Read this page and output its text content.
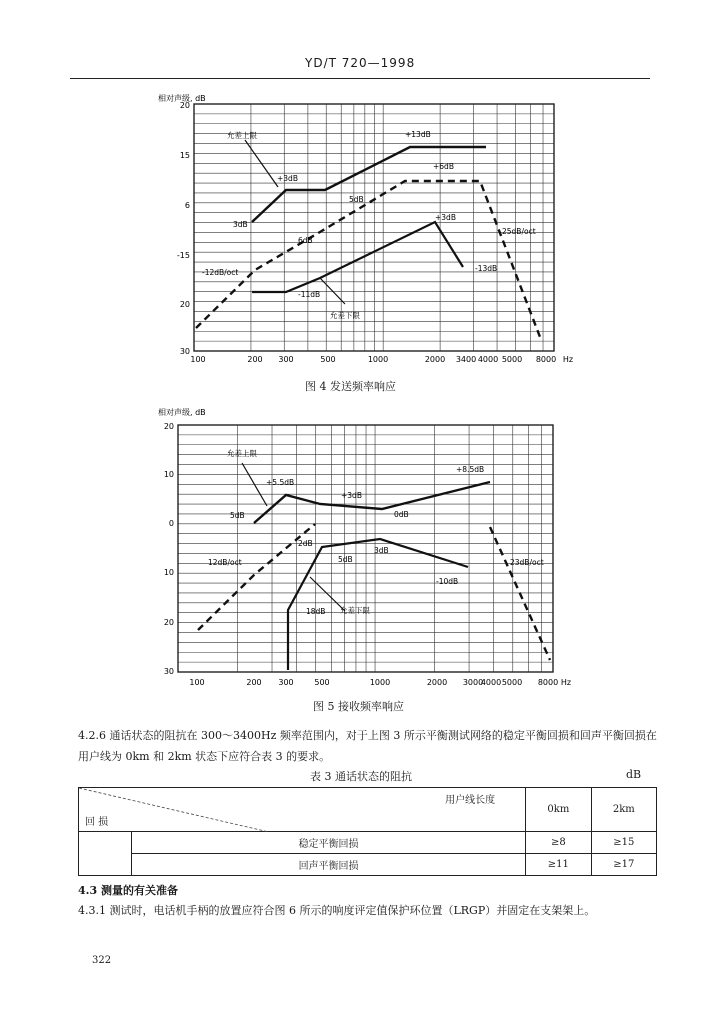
YD/T 720—1998
相对声级, dB
20
15
6
-15
20
30
100	200 300	500	1000	2000 3400 4000 5000 8000 Hz
允差上限	+13dB
+6dB
+3dB
5dB
3dB
+3dB
6dB
25dB/oct
-12dB/oct	-13dB
-11dB
允差下限
图 4 发送频率响应
相对声级, dB
20
10
0
10
20
30
100	200 300	500	1000	2000 3000
4000 5000 8000 Hz
允差上限
+5.5dB
+8.5dB
+3dB
0dB
5dB
2dB
5dB
3dB
12dB/oct	23dB/oct
-10dB
18dB 允差下限
图 5 接收频率响应
4.2.6 通话状态的阻抗在 300～3400Hz 频率范围内，对于上图 3 所示平衡测试网络的稳定平衡回损和回声平衡回损在用户线为 0km 和 2km 状态下应符合表 3 的要求。
表 3 通话状态的阻抗	dB
用户线长度
回 损		0km	2km
	稳定平衡回损	≥8	≥15
	回声平衡回损	≥11	≥17
4.3 测量的有关准备
4.3.1 测试时，电话机手柄的放置应符合图 6 所示的响度评定值保护环位置（LRGP）并固定在支架架上。
322
